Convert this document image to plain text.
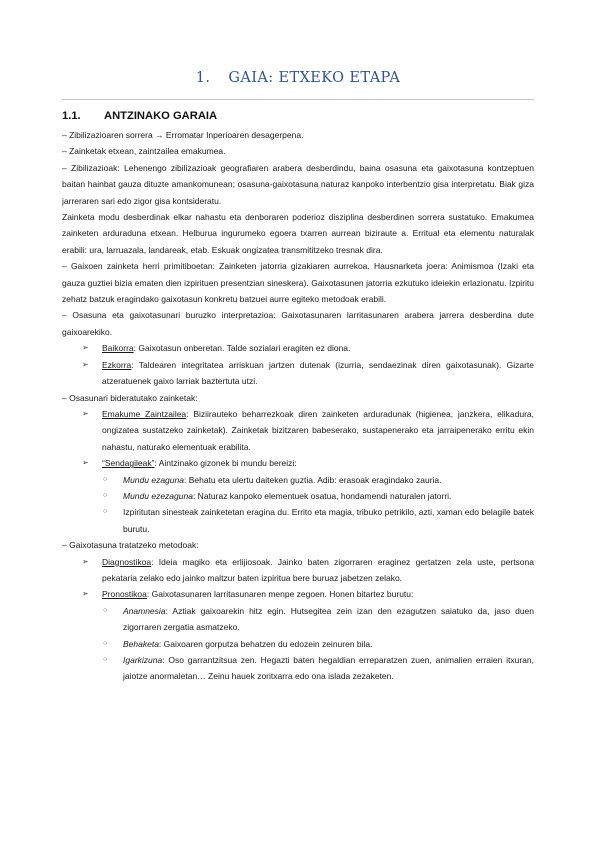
1. GAIA: ETXEKO ETAPA
1.1. ANTZINAKO GARAIA
– Zibilizazioaren sorrera → Erromatar Inperioaren desagerpena.
– Zainketak etxean, zaintzailea emakumea.
– Zibilizazioak: Lehenengo zibilizazioak geografiaren arabera desberdindu, baina osasuna eta gaixotasuna kontzeptuen baitan hainbat gauza dituzte amankomunean; osasuna-gaixotasuna naturaz kanpoko interbentzio gisa interpretatu. Biak giza jarreraren sari edo zigor gisa kontsideratu.
Zainketa modu desberdinak elkar nahastu eta denboraren poderioz disziplina desberdinen sorrera sustatuko. Emakumea zainketen arduraduna etxean. Helburua ingurumeko egoera txarren aurrean biziraute a. Erritual eta elementu naturalak erabili: ura, larruazala, landareak, etab. Eskuak ongizatea transmititzeko tresnak dira.
– Gaixoen zainketa herri primitiboetan: Zainketen jatorria gizakiaren aurrekoa. Hausnarketa joera: Animismoa (Izaki eta gauza guztiei bizia ematen dien izpirituen presentzian sineskera). Gaixotasunen jatorria ezkutuko ideiekin erlazionatu. Izpiritu zehatz batzuk eragindako gaixotasun konkretu batzuei aurre egiteko metodoak erabili.
– Osasuna eta gaixotasunari buruzko interpretazioa: Gaixotasunaren larritasunaren arabera jarrera desberdina dute gaixoarekiko.
➢	Baikorra: Gaixotasun onberetan. Talde sozialari eragiten ez diona.
➢	Ezkorra: Taldearen integritatea arriskuan jartzen dutenak (izurria, sendaezinak diren gaixotasunak). Gizarte atzeratuenek gaixo larriak baztertuta utzi.
– Osasunari bideratutako zainketak:
➢	Emakume Zaintzailea: Biziirauteko beharrezkoak diren zainketen arduradunak (higienea, janzkera, elikadura, ongizatea sustatzeko zainketak). Zainketak bizitzaren babeserako, sustapenerako eta jarraipenerako erritu ekin nahastu, naturako elementuak erabilita.
➢	“Sendagileak”: Aintzinako gizonek bi mundu bereizi:
○	Mundu ezaguna: Behatu eta ulertu daiteken guztia. Adib: erasoak eragindako zauria.
○	Mundu ezezaguna: Naturaz kanpoko elementuek osatua, hondamendi naturalen jatorri.
○	Izpiritutan sinesteak zainketetan eragina du. Errito eta magia, tribuko petrikilo, azti, xaman edo belagile batek burutu.
– Gaixotasuna tratatzeko metodoak:
➢	Diagnostikoa: Ideia magiko eta erlijiosoak. Jainko baten zigorraren eraginez gertatzen zela uste, pertsona pekataria zelako edo jainko maltzur baten izpiritua bere buruaz jabetzen zelako.
➢	Pronostikoa: Gaixotasunaren larritasunaren menpe zegoen. Honen bitartez burutu:
○	Anamnesia: Aztiak gaixoarekin hitz egin. Hutsegitea zein izan den ezagutzen saiatuko da, jaso duen zigorraren zergatia asmatzeko.
○	Behaketa: Gaixoaren gorputza behatzen du edozein zeinuren bila.
○	Igarkizuna: Oso garrantzitsua zen. Hegazti baten hegaldian erreparatzen zuen, animalien erraien itxuran, jaiotze anormaletan… Zeinu hauek zoritxarra edo ona islada zezaketen.
